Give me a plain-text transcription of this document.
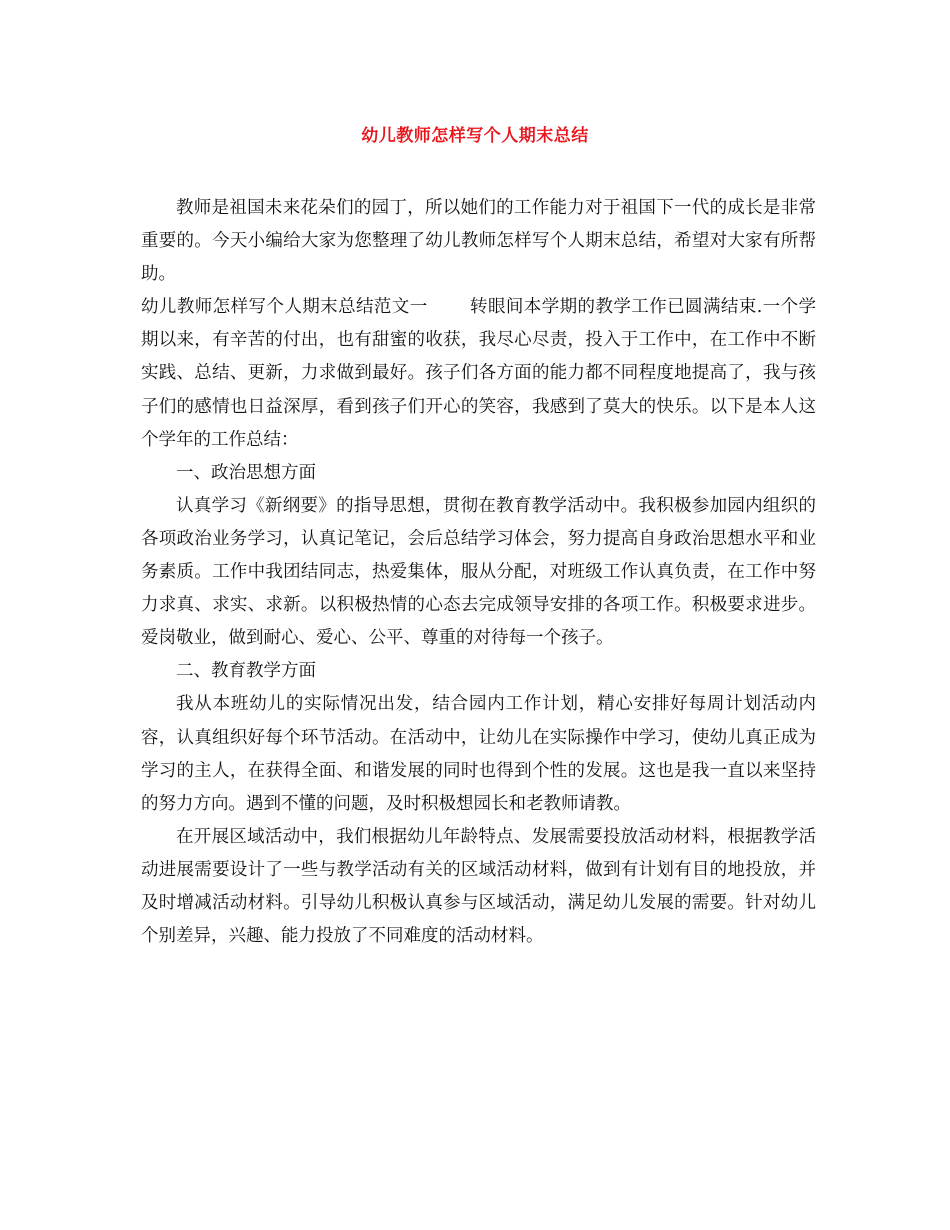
幼儿教师怎样写个人期末总结

教师是祖国未来花朵们的园丁，所以她们的工作能力对于祖国下一代的成长是非常重要的。今天小编给大家为您整理了幼儿教师怎样写个人期末总结，希望对大家有所帮助。

幼儿教师怎样写个人期末总结范文一 转眼间本学期的教学工作已圆满结束.一个学期以来，有辛苦的付出，也有甜蜜的收获，我尽心尽责，投入于工作中，在工作中不断实践、总结、更新，力求做到最好。孩子们各方面的能力都不同程度地提高了，我与孩子们的感情也日益深厚，看到孩子们开心的笑容，我感到了莫大的快乐。以下是本人这个学年的工作总结：

一、政治思想方面

认真学习《新纲要》的指导思想，贯彻在教育教学活动中。我积极参加园内组织的各项政治业务学习，认真记笔记，会后总结学习体会，努力提高自身政治思想水平和业务素质。工作中我团结同志，热爱集体，服从分配，对班级工作认真负责，在工作中努力求真、求实、求新。以积极热情的心态去完成领导安排的各项工作。积极要求进步。爱岗敬业，做到耐心、爱心、公平、尊重的对待每一个孩子。

二、教育教学方面

我从本班幼儿的实际情况出发，结合园内工作计划，精心安排好每周计划活动内容，认真组织好每个环节活动。在活动中，让幼儿在实际操作中学习，使幼儿真正成为学习的主人，在获得全面、和谐发展的同时也得到个性的发展。这也是我一直以来坚持的努力方向。遇到不懂的问题，及时积极想园长和老教师请教。

在开展区域活动中，我们根据幼儿年龄特点、发展需要投放活动材料，根据教学活动进展需要设计了一些与教学活动有关的区域活动材料，做到有计划有目的地投放，并及时增减活动材料。引导幼儿积极认真参与区域活动，满足幼儿发展的需要。针对幼儿个别差异，兴趣、能力投放了不同难度的活动材料。
